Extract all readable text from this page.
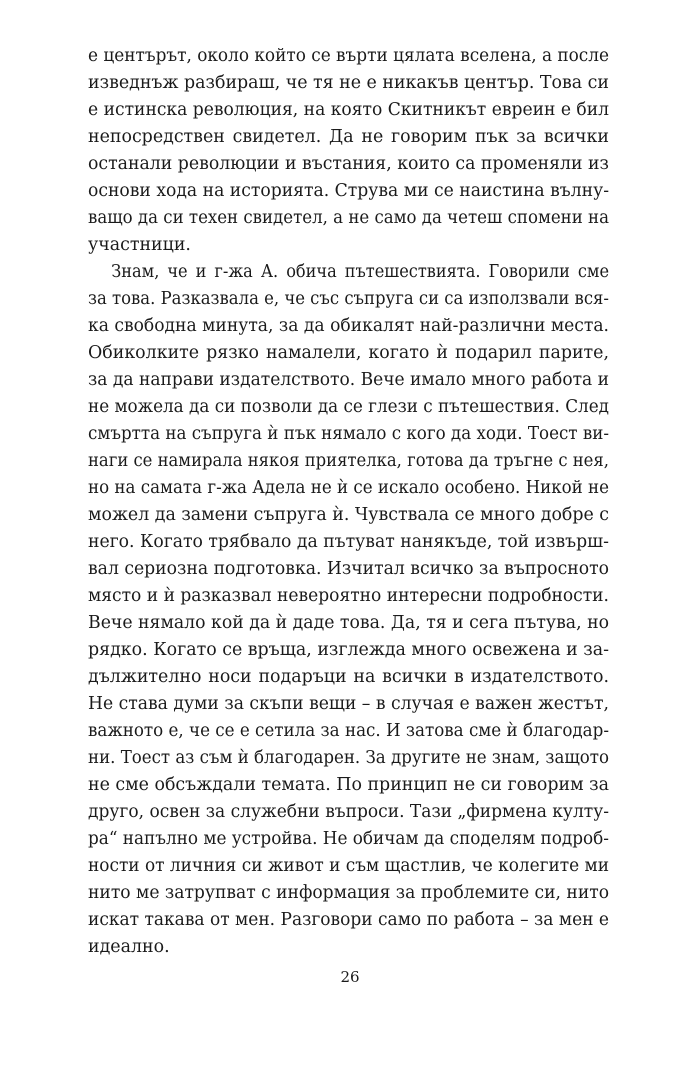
е центърът, около който се върти цялата вселена, а после
изведнъж разбираш, че тя не е никакъв център. Това си
е истинска революция, на която Скитникът евреин е бил
непосредствен свидетел. Да не говорим пък за всички
останали революции и въстания, които са променяли из
основи хода на историята. Струва ми се наистина вълну-
ващо да си техен свидетел, а не само да четеш спомени на
участници.
Знам, че и г-жа А. обича пътешествията. Говорили сме
за това. Разказвала е, че със съпруга си са използвали вся-
ка свободна минута, за да обикалят най-различни места.
Обиколките рязко намалели, когато ѝ подарил парите,
за да направи издателството. Вече имало много работа и
не можела да си позволи да се глези с пътешествия. След
смъртта на съпруга ѝ пък нямало с кого да ходи. Тоест ви-
наги се намирала някоя приятелка, готова да тръгне с нея,
но на самата г-жа Адела не ѝ се искало особено. Никой не
можел да замени съпруга ѝ. Чувствала се много добре с
него. Когато трябвало да пътуват нанякъде, той извърш-
вал сериозна подготовка. Изчитал всичко за въпросното
място и ѝ разказвал невероятно интересни подробности.
Вече нямало кой да ѝ даде това. Да, тя и сега пътува, но
рядко. Когато се връща, изглежда много освежена и за-
дължително носи подаръци на всички в издателството.
Не става думи за скъпи вещи – в случая е важен жестът,
важното е, че се е сетила за нас. И затова сме ѝ благодар-
ни. Тоест аз съм ѝ благодарен. За другите не знам, защото
не сме обсъждали темата. По принцип не си говорим за
друго, освен за служебни въпроси. Тази „фирмена култу-
ра“ напълно ме устройва. Не обичам да споделям подроб-
ности от личния си живот и съм щастлив, че колегите ми
нито ме затрупват с информация за проблемите си, нито
искат такава от мен. Разговори само по работа – за мен е
идеално.
26
